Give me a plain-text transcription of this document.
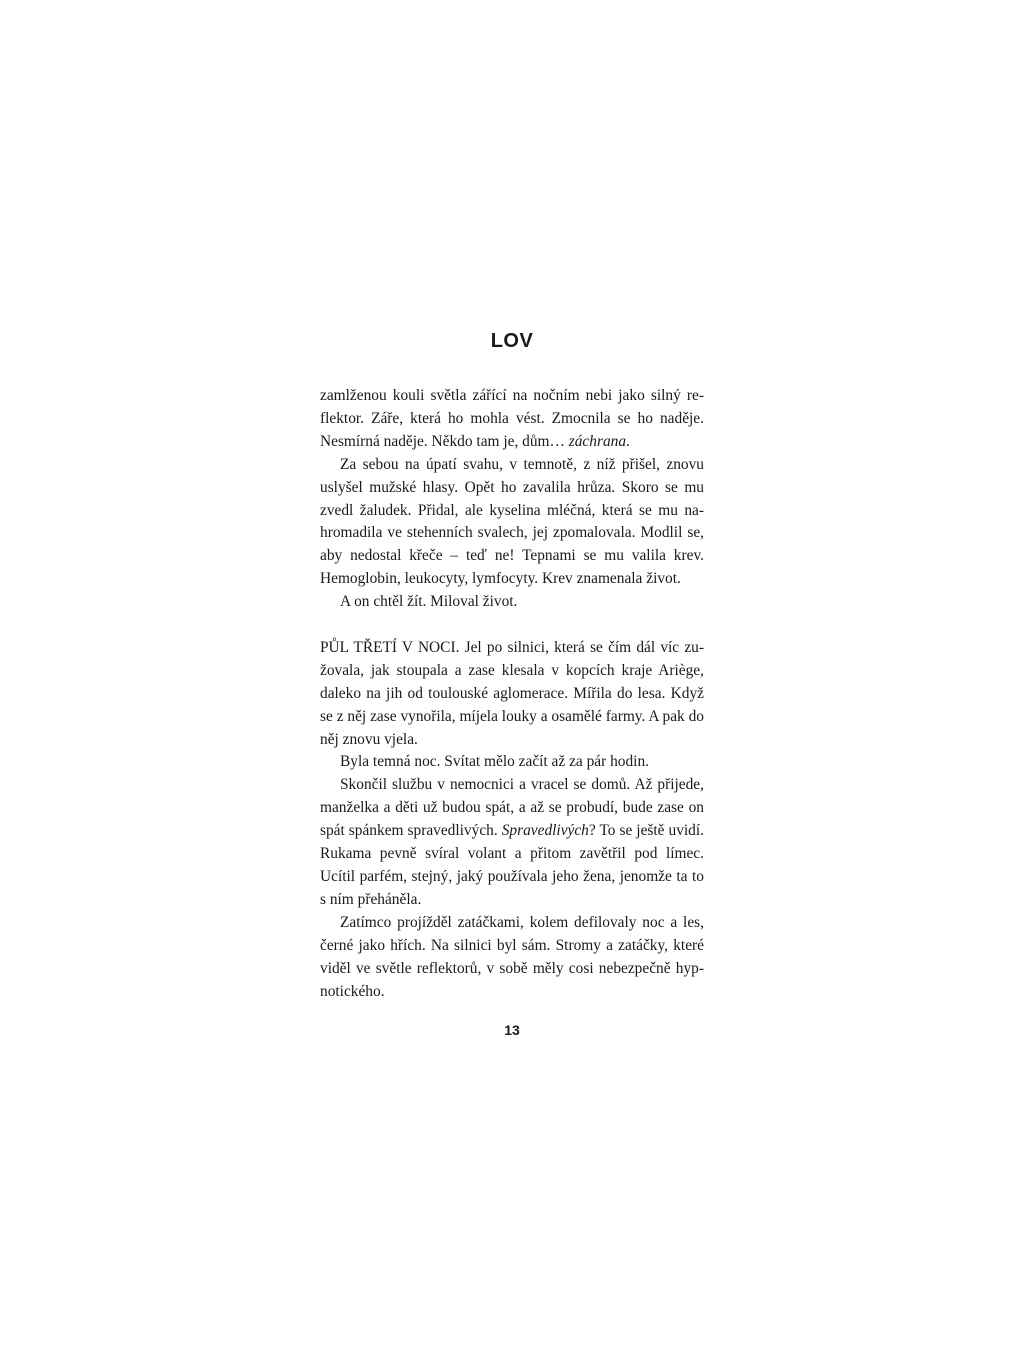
LOV

zamlženou kouli světla zářící na nočním nebi jako silný reflektor. Záře, která ho mohla vést. Zmocnila se ho naděje. Nesmírná naděje. Někdo tam je, dům… záchrana.

Za sebou na úpatí svahu, v temnotě, z níž přišel, znovu uslyšel mužské hlasy. Opět ho zavalila hrůza. Skoro se mu zvedl žaludek. Přidal, ale kyselina mléčná, která se mu nahromadila ve stehenních svalech, jej zpomalovala. Modlil se, aby nedostal křeče – teď ne! Tepnami se mu valila krev. Hemoglobin, leukocyty, lymfocyty. Krev znamenala život.

A on chtěl žít. Miloval život.

PŮL TŘETÍ V NOCI. Jel po silnici, která se čím dál víc zužovala, jak stoupala a zase klesala v kopcích kraje Ariège, daleko na jih od toulouské aglomerace. Mířila do lesa. Když se z něj zase vynořila, míjela louky a osamělé farmy. A pak do něj znovu vjela.

Byla temná noc. Svítat mělo začít až za pár hodin.

Skončil službu v nemocnici a vracel se domů. Až přijede, manželka a děti už budou spát, a až se probudí, bude zase on spát spánkem spravedlivých. Spravedlivých? To se ještě uvidí. Rukama pevně svíral volant a přitom zavětřil pod límec. Ucítil parfém, stejný, jaký používala jeho žena, jenomže ta to s ním přeháněla.

Zatímco projížděl zatáčkami, kolem defilovaly noc a les, černé jako hřích. Na silnici byl sám. Stromy a zatáčky, které viděl ve světle reflektorů, v sobě měly cosi nebezpečně hypnotického.

13
